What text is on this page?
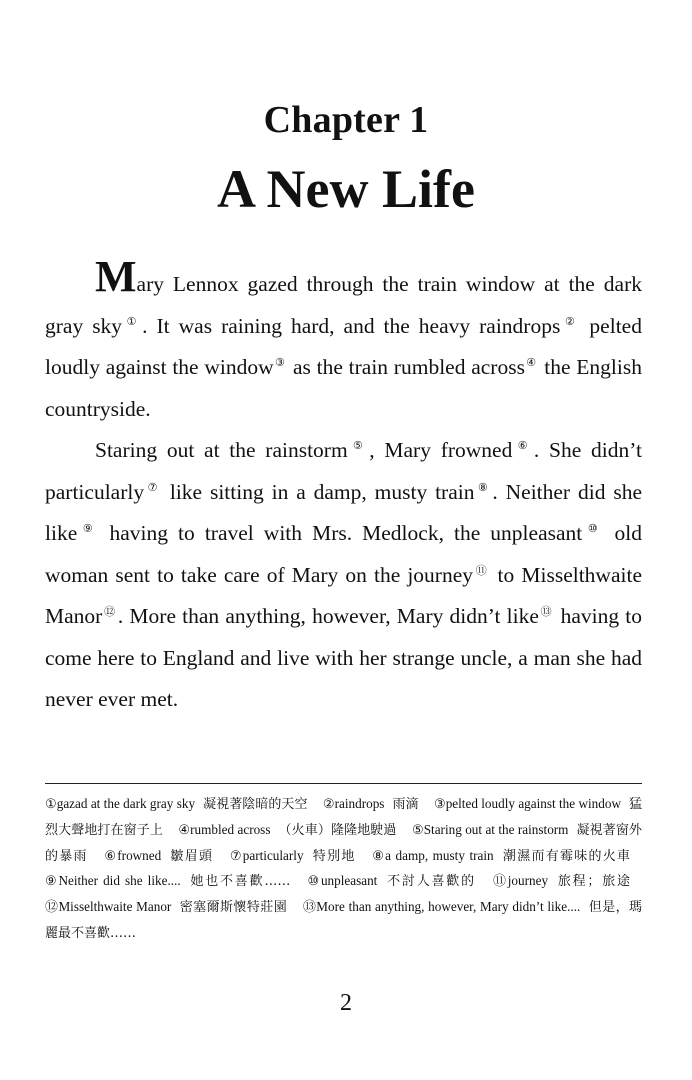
Chapter 1
A New Life

Mary Lennox gazed through the train window at the dark gray sky①. It was raining hard, and the heavy raindrops② pelted loudly against the window③ as the train rumbled across④ the English countryside.

Staring out at the rainstorm⑤, Mary frowned⑥. She didn’t particularly⑦ like sitting in a damp, musty train⑧. Neither did she like⑨ having to travel with Mrs. Medlock, the unpleasant⑩ old woman sent to take care of Mary on the journey⑪ to Misselthwaite Manor⑫. More than anything, however, Mary didn’t like⑬ having to come here to England and live with her strange uncle, a man she had never ever met.

①gazad at the dark gray sky 凝視著陰暗的天空 ②raindrops 雨滴 ③pelted loudly against the window 猛烈大聲地打在窗子上 ④rumbled across （火車）隆隆地駛過 ⑤Staring out at the rainstorm 凝視著窗外的暴雨 ⑥frowned 皺眉頭 ⑦particularly 特別地 ⑧a damp, musty train 潮濕而有霉味的火車 ⑨Neither did she like.... 她也不喜歡…… ⑩unpleasant 不討人喜歡的 ⑪journey 旅程；旅途 ⑫Misselthwaite Manor 密塞爾斯懷特莊園 ⑬More than anything, however, Mary didn’t like.... 但是，瑪麗最不喜歡……
2
